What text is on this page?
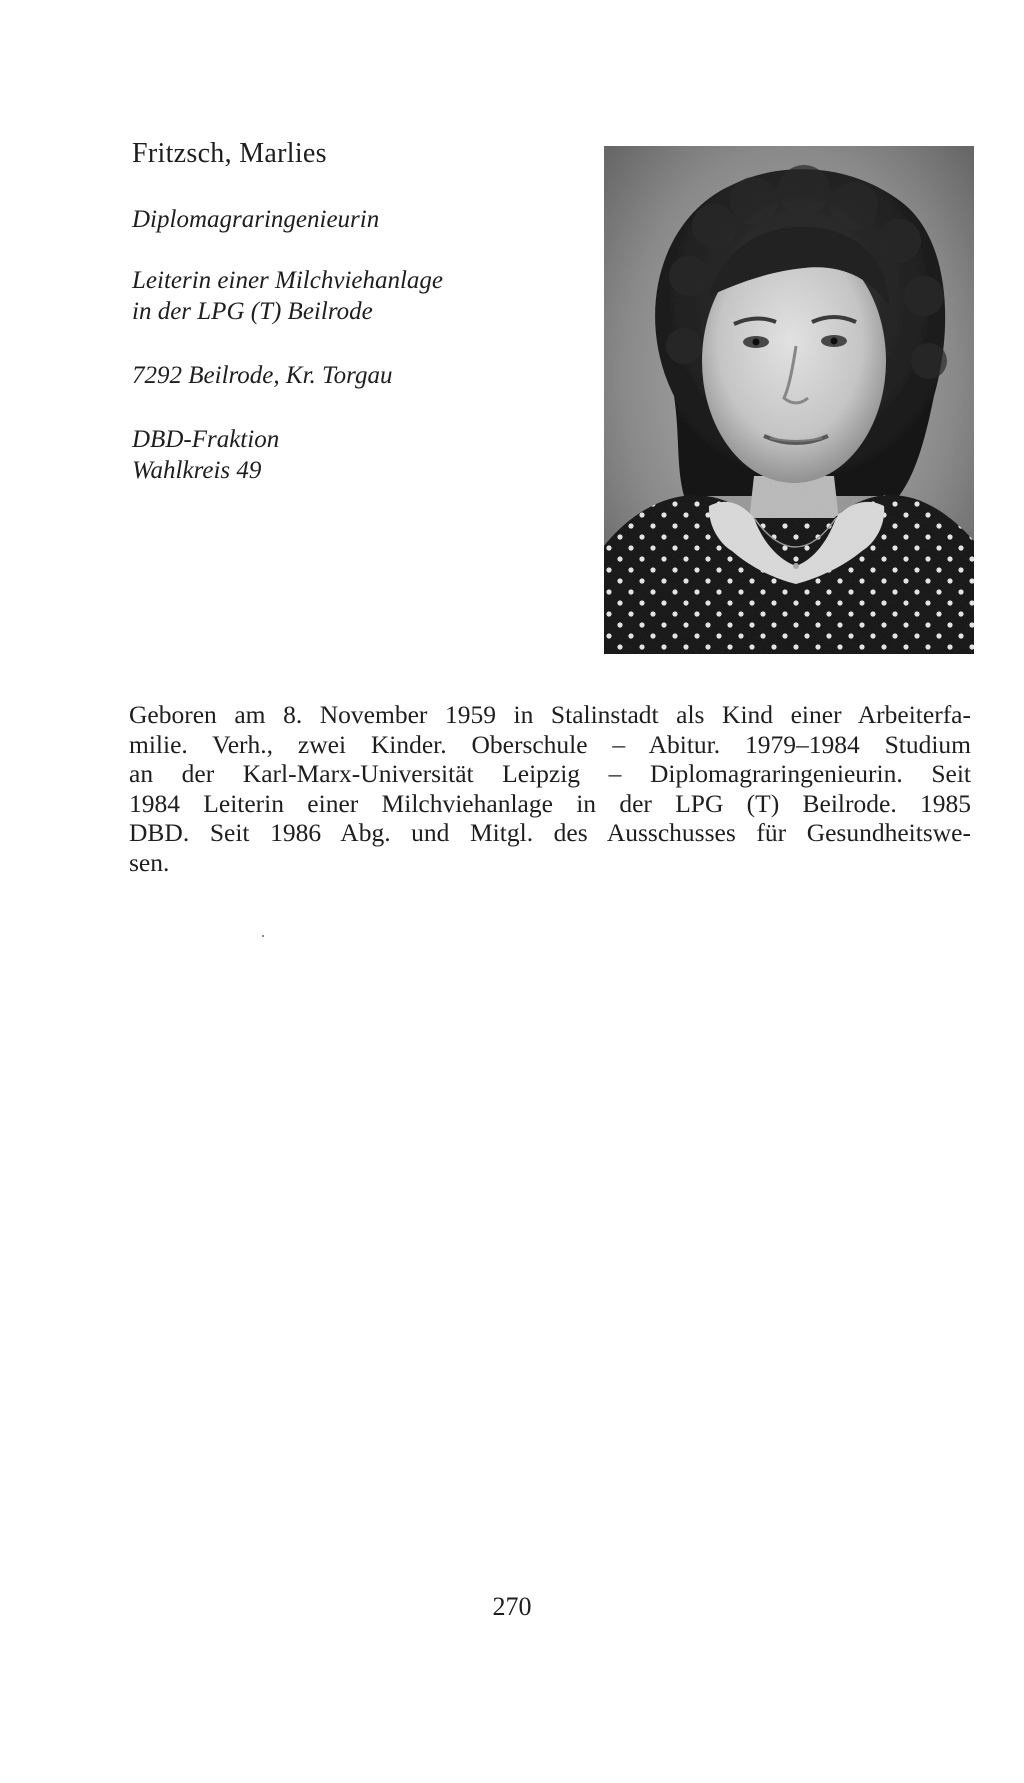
Fritzsch, Marlies

Diplomagraringenieurin

Leiterin einer Milchviehanlage
in der LPG (T) Beilrode

7292 Beilrode, Kr. Torgau

DBD-Fraktion
Wahlkreis 49

Geboren am 8. November 1959 in Stalinstadt als Kind einer Arbeiterfa-
milie. Verh., zwei Kinder. Oberschule – Abitur. 1979–1984 Studium
an der Karl-Marx-Universität Leipzig – Diplomagraringenieurin. Seit
1984 Leiterin einer Milchviehanlage in der LPG (T) Beilrode. 1985
DBD. Seit 1986 Abg. und Mitgl. des Ausschusses für Gesundheitswe-
sen.

270
